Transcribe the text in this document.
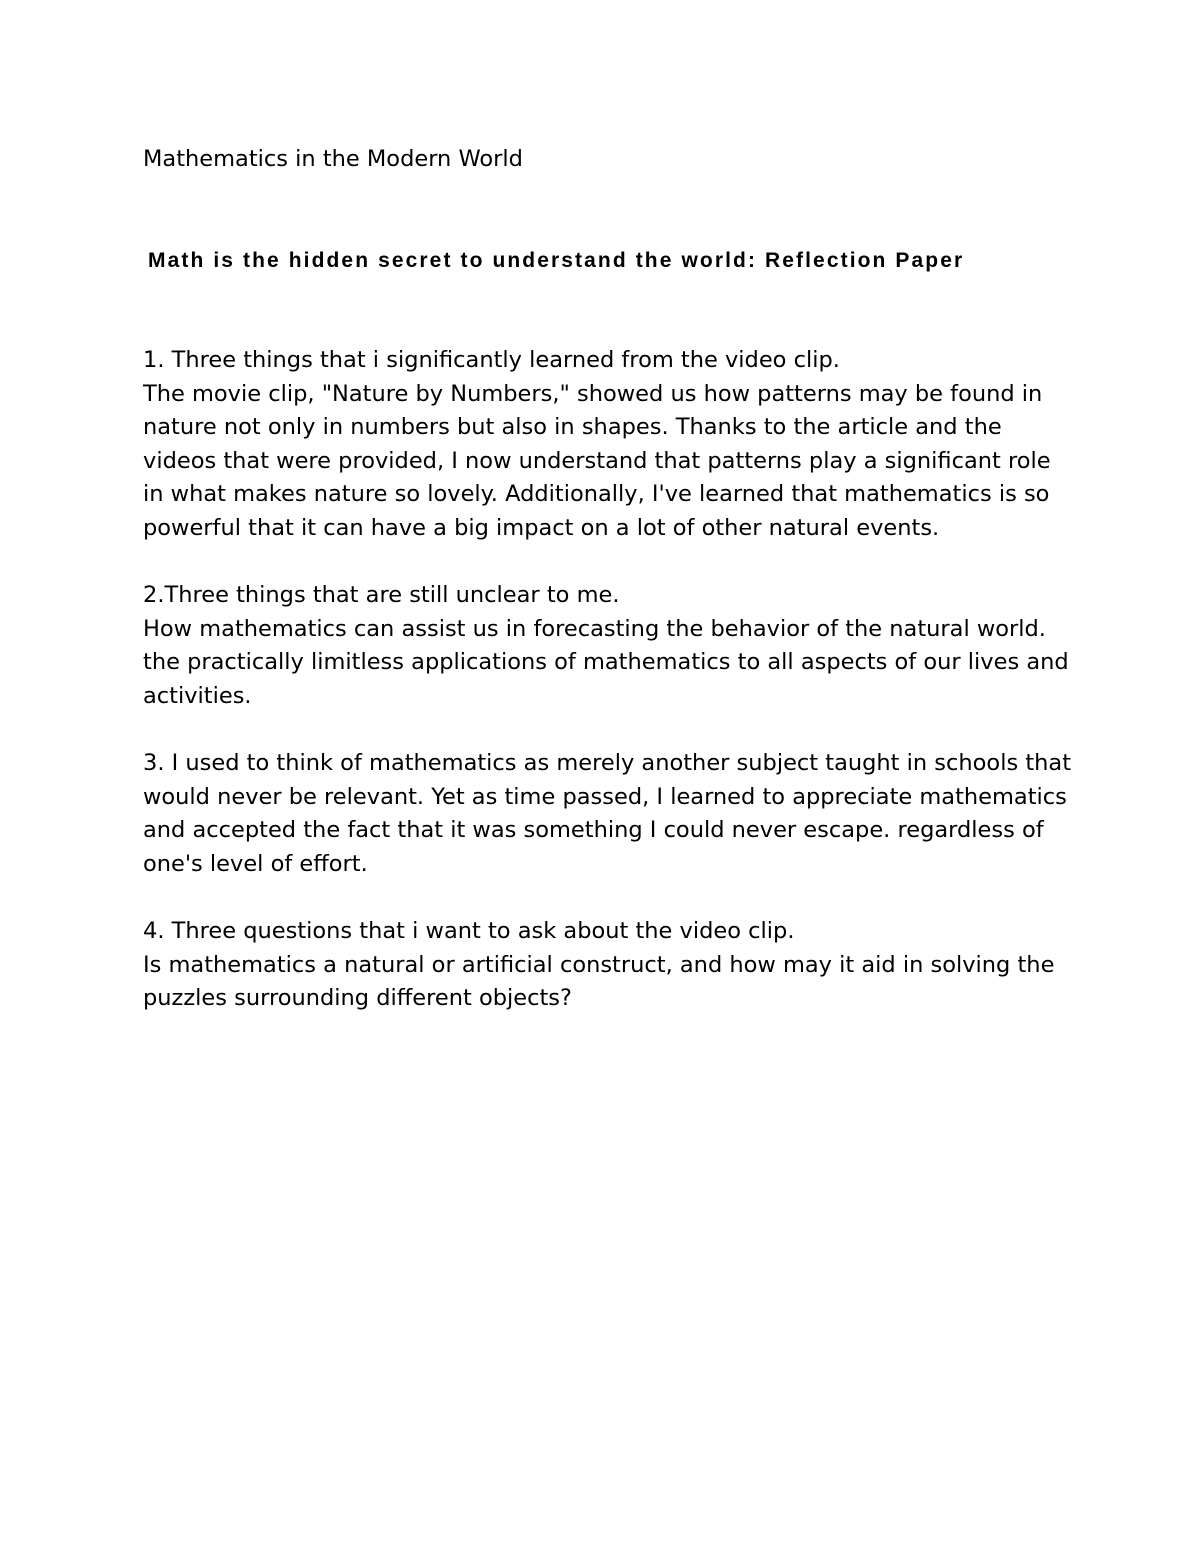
Mathematics in the Modern World
Math is the hidden secret to understand the world: Reflection Paper
1. Three things that i significantly learned from the video clip.
The movie clip, "Nature by Numbers," showed us how patterns may be found in
nature not only in numbers but also in shapes. Thanks to the article and the
videos that were provided, I now understand that patterns play a significant role
in what makes nature so lovely. Additionally, I've learned that mathematics is so
powerful that it can have a big impact on a lot of other natural events.
2.Three things that are still unclear to me.
How mathematics can assist us in forecasting the behavior of the natural world.
the practically limitless applications of mathematics to all aspects of our lives and
activities.
3. I used to think of mathematics as merely another subject taught in schools that
would never be relevant. Yet as time passed, I learned to appreciate mathematics
and accepted the fact that it was something I could never escape. regardless of
one's level of effort.
4. Three questions that i want to ask about the video clip.
Is mathematics a natural or artificial construct, and how may it aid in solving the
puzzles surrounding different objects?
